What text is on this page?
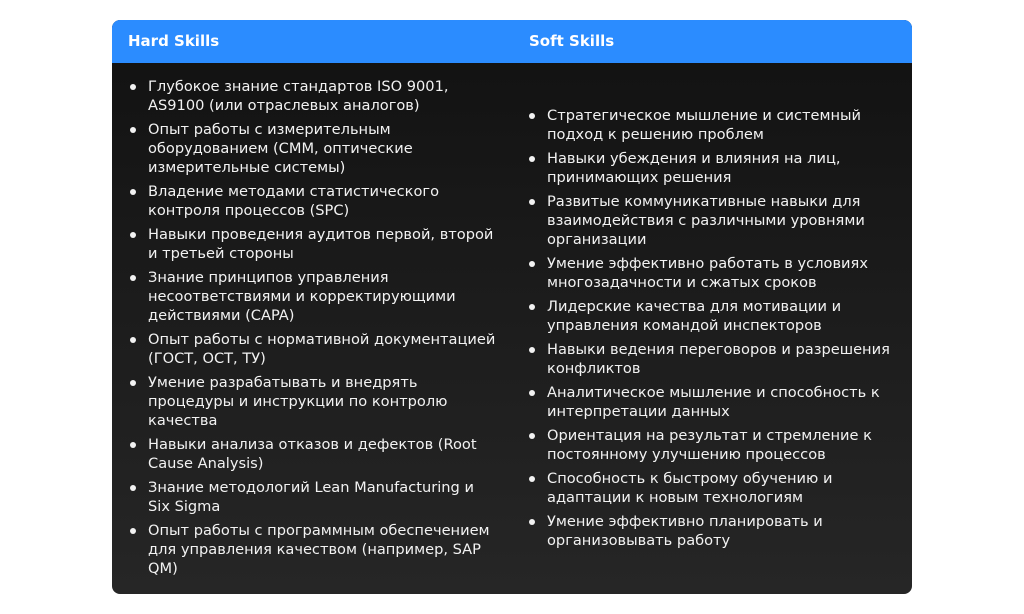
Hard Skills	Soft Skills
Глубокое знание стандартов ISO 9001, AS9100 (или отраслевых аналогов)
Опыт работы с измерительным оборудованием (CMM, оптические измерительные системы)
Владение методами статистического контроля процессов (SPC)
Навыки проведения аудитов первой, второй и третьей стороны
Знание принципов управления несоответствиями и корректирующими действиями (CAPA)
Опыт работы с нормативной документацией (ГОСТ, ОСТ, ТУ)
Умение разрабатывать и внедрять процедуры и инструкции по контролю качества
Навыки анализа отказов и дефектов (Root Cause Analysis)
Знание методологий Lean Manufacturing и Six Sigma
Опыт работы с программным обеспечением для управления качеством (например, SAP QM)
Стратегическое мышление и системный подход к решению проблем
Навыки убеждения и влияния на лиц, принимающих решения
Развитые коммуникативные навыки для взаимодействия с различными уровнями организации
Умение эффективно работать в условиях многозадачности и сжатых сроков
Лидерские качества для мотивации и управления командой инспекторов
Навыки ведения переговоров и разрешения конфликтов
Аналитическое мышление и способность к интерпретации данных
Ориентация на результат и стремление к постоянному улучшению процессов
Способность к быстрому обучению и адаптации к новым технологиям
Умение эффективно планировать и организовывать работу
